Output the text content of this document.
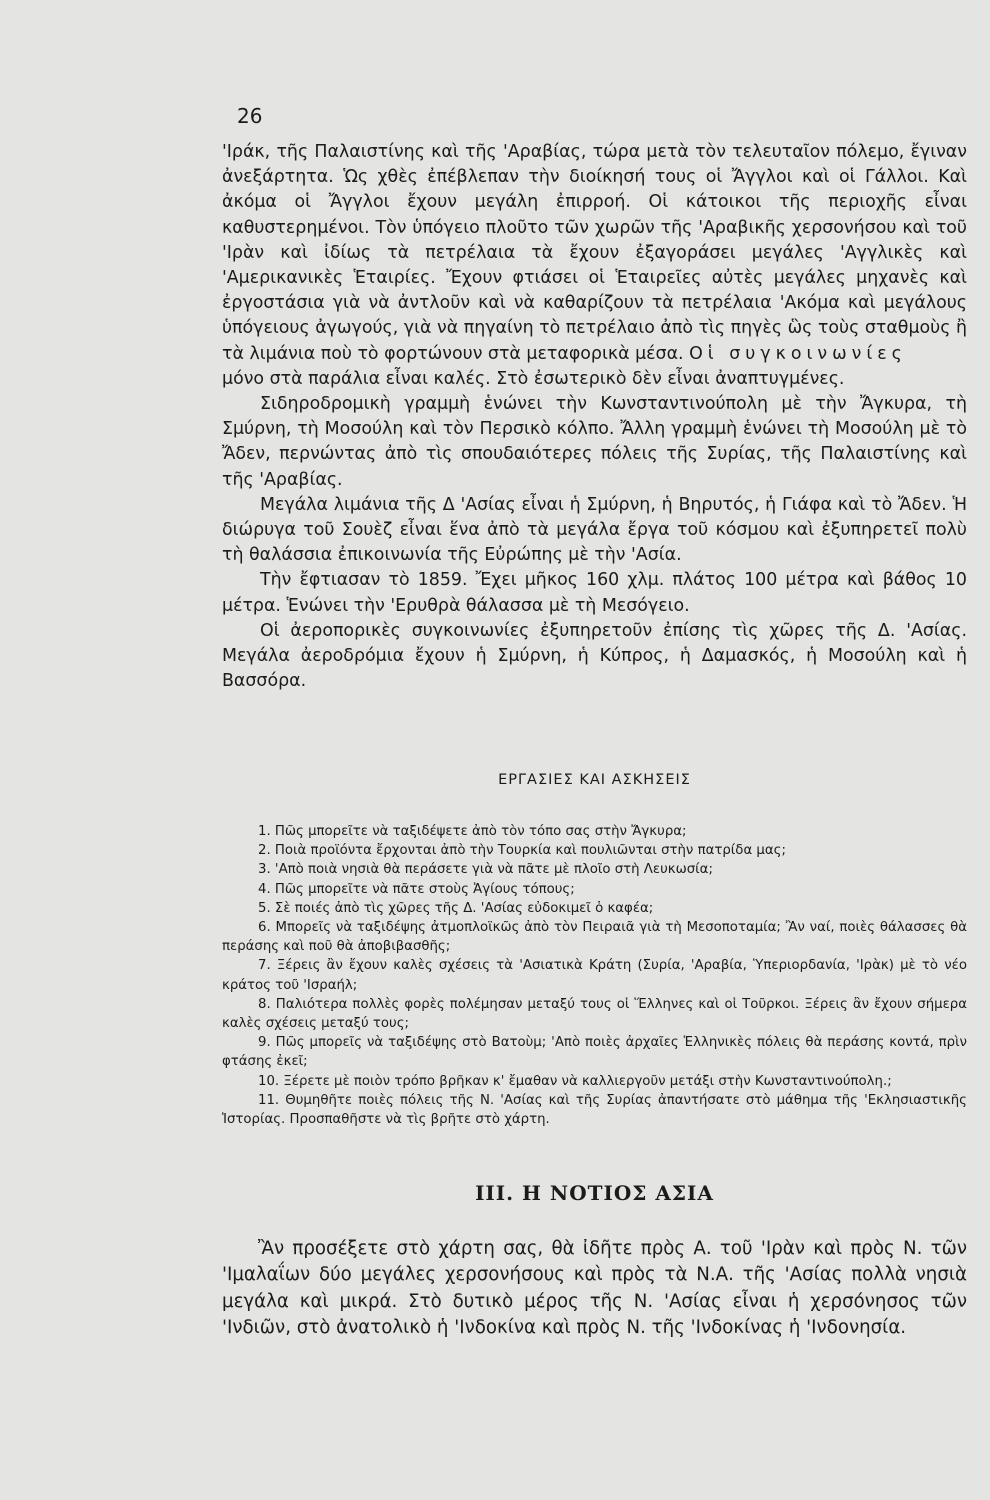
26

'Ιράκ, τῆς Παλαιστίνης καὶ τῆς 'Αραβίας, τώρα μετὰ τὸν τελευταῖον πόλεμο, ἔγιναν ἀνεξάρτητα. Ὡς χθὲς ἐπέβλεπαν τὴν διοίκησή τους οἱ Ἄγγλοι καὶ οἱ Γάλλοι. Καὶ ἀκόμα οἱ Ἄγγλοι ἔχουν μεγάλη ἐπιρροή. Οἱ κάτοικοι τῆς περιοχῆς εἶναι καθυστερημένοι. Τὸν ὑπόγειο πλοῦτο τῶν χωρῶν τῆς 'Αραβικῆς χερσονήσου καὶ τοῦ 'Ιρὰν καὶ ἰδίως τὰ πετρέλαια τὰ ἔχουν ἐξαγοράσει μεγάλες 'Αγγλικὲς καὶ 'Αμερικανικὲς Ἑταιρίες. Ἔχουν φτιάσει οἱ Ἑταιρεῖες αὐτὲς μεγάλες μηχανὲς καὶ ἐργοστάσια γιὰ νὰ ἀντλοῦν καὶ νὰ καθαρίζουν τὰ πετρέλαια 'Ακόμα καὶ μεγάλους ὑπόγειους ἀγωγούς, γιὰ νὰ πηγαίνη τὸ πετρέλαιο ἀπὸ τὶς πηγὲς ὣς τοὺς σταθμοὺς ἢ τὰ λιμάνια ποὺ τὸ φορτώνουν στὰ μεταφορικὰ μέσα. Οἱ συγκοινωνίες

μόνο στὰ παράλια εἶναι καλές. Στὸ ἐσωτερικὸ δὲν εἶναι ἀναπτυγμένες.

Σιδηροδρομικὴ γραμμὴ ἑνώνει τὴν Κωνσταντινούπολη μὲ τὴν Ἄγκυρα, τὴ Σμύρνη, τὴ Μοσούλη καὶ τὸν Περσικὸ κόλπο. Ἄλλη γραμμὴ ἑνώνει τὴ Μοσούλη μὲ τὸ Ἄδεν, περνώντας ἀπὸ τὶς σπουδαιότερες πόλεις τῆς Συρίας, τῆς Παλαιστίνης καὶ τῆς 'Αραβίας.

Μεγάλα λιμάνια τῆς Δ 'Ασίας εἶναι ἡ Σμύρνη, ἡ Βηρυτός, ἡ Γιάφα καὶ τὸ Ἄδεν. Ἡ διώρυγα τοῦ Σουὲζ εἶναι ἕνα ἀπὸ τὰ μεγάλα ἔργα τοῦ κόσμου καὶ ἐξυπηρετεῖ πολὺ τὴ θαλάσσια ἐπικοινωνία τῆς Εὐρώπης μὲ τὴν 'Ασία.

Τὴν ἔφτιασαν τὸ 1859. Ἔχει μῆκος 160 χλμ. πλάτος 100 μέτρα καὶ βάθος 10 μέτρα. Ἑνώνει τὴν 'Ερυθρὰ θάλασσα μὲ τὴ Μεσόγειο.

Οἱ ἀεροπορικὲς συγκοινωνίες ἐξυπηρετοῦν ἐπίσης τὶς χῶρες τῆς Δ. 'Ασίας. Μεγάλα ἀεροδρόμια ἔχουν ἡ Σμύρνη, ἡ Κύπρος, ἡ Δαμασκός, ἡ Μοσούλη καὶ ἡ Βασσόρα.

ΕΡΓΑΣΙΕΣ ΚΑΙ ΑΣΚΗΣΕΙΣ

1. Πῶς μπορεῖτε νὰ ταξιδέψετε ἀπὸ τὸν τόπο σας στὴν Ἄγκυρα;

2. Ποιὰ προϊόντα ἔρχονται ἀπὸ τὴν Τουρκία καὶ πουλιῶνται στὴν πατρίδα μας;

3. 'Απὸ ποιὰ νησιὰ θὰ περάσετε γιὰ νὰ πᾶτε μὲ πλοῖο στὴ Λευκωσία;

4. Πῶς μπορεῖτε νὰ πᾶτε στοὺς Ἁγίους τόπους;

5. Σὲ ποιές ἀπὸ τὶς χῶρες τῆς Δ. 'Ασίας εὐδοκιμεῖ ὁ καφέα;

6. Μπορεῖς νὰ ταξιδέψης ἀτμοπλοϊκῶς ἀπὸ τὸν Πειραιᾶ γιὰ τὴ Μεσοποταμία; Ἂν ναί, ποιὲς θάλασσες θὰ περάσης καὶ ποῦ θὰ ἀποβιβασθῆς;

7. Ξέρεις ἂν ἔχουν καλὲς σχέσεις τὰ 'Ασιατικὰ Κράτη (Συρία, 'Αραβία, Ὑπεριορδανία, 'Ιρὰκ) μὲ τὸ νέο κράτος τοῦ 'Ισραήλ;

8. Παλιότερα πολλὲς φορὲς πολέμησαν μεταξύ τους οἱ Ἕλληνες καὶ οἱ Τοῦρκοι. Ξέρεις ἂν ἔχουν σήμερα καλὲς σχέσεις μεταξύ τους;

9. Πῶς μπορεῖς νὰ ταξιδέψης στὸ Βατοὺμ; 'Απὸ ποιὲς ἀρχαῖες Ἑλληνικὲς πόλεις θὰ περάσης κοντά, πρὶν φτάσης ἐκεῖ;

10. Ξέρετε μὲ ποιὸν τρόπο βρῆκαν κ' ἔμαθαν νὰ καλλιεργοῦν μετάξι στὴν Κωνσταντινούπολη.;

11. Θυμηθῆτε ποιὲς πόλεις τῆς Ν. 'Ασίας καὶ τῆς Συρίας ἀπαντήσατε στὸ μάθημα τῆς 'Εκλησιαστικῆς Ἱστορίας. Προσπαθῆστε νὰ τὶς βρῆτε στὸ χάρτη.

III. Η ΝΟΤΙΟΣ ΑΣΙΑ

Ἂν προσέξετε στὸ χάρτη σας, θὰ ἰδῆτε πρὸς Α. τοῦ 'Ιρὰν καὶ πρὸς Ν. τῶν 'Ιμαλαΐων δύο μεγάλες χερσονήσους καὶ πρὸς τὰ Ν.Α. τῆς 'Ασίας πολλὰ νησιὰ μεγάλα καὶ μικρά. Στὸ δυτικὸ μέρος τῆς Ν. 'Ασίας εἶναι ἡ χερσόνησος τῶν 'Ινδιῶν, στὸ ἀνατολικὸ ἡ 'Ινδοκίνα καὶ πρὸς Ν. τῆς 'Ινδοκίνας ἡ 'Ινδονησία.
